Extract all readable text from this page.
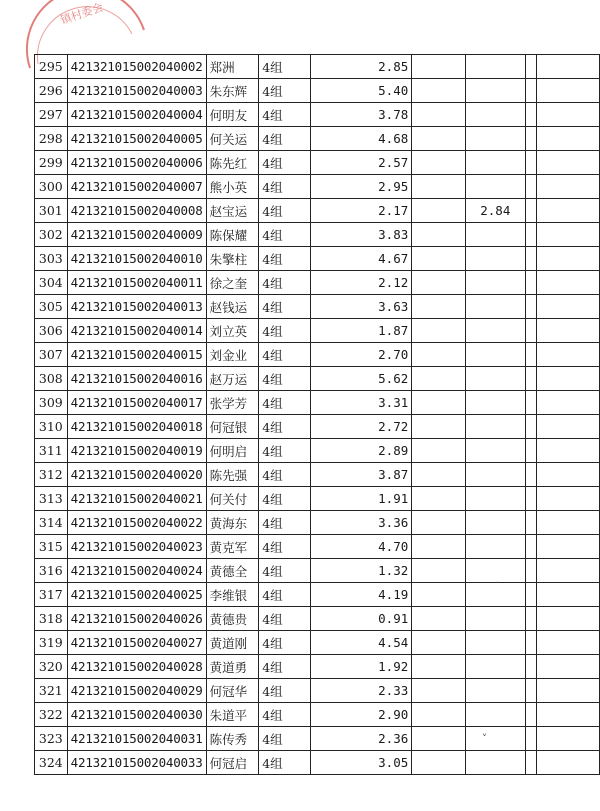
镇村委会
295	421321015002040002	郑洲	4组	2.85				
296	421321015002040003	朱东辉	4组	5.40				
297	421321015002040004	何明友	4组	3.78				
298	421321015002040005	何关运	4组	4.68				
299	421321015002040006	陈先红	4组	2.57				
300	421321015002040007	熊小英	4组	2.95				
301	421321015002040008	赵宝运	4组	2.17		2.84		
302	421321015002040009	陈保耀	4组	3.83				
303	421321015002040010	朱擎柱	4组	4.67				
304	421321015002040011	徐之奎	4组	2.12				
305	421321015002040013	赵钱运	4组	3.63				
306	421321015002040014	刘立英	4组	1.87				
307	421321015002040015	刘金业	4组	2.70				
308	421321015002040016	赵万运	4组	5.62				
309	421321015002040017	张学芳	4组	3.31				
310	421321015002040018	何冠银	4组	2.72				
311	421321015002040019	何明启	4组	2.89				
312	421321015002040020	陈先强	4组	3.87				
313	421321015002040021	何关付	4组	1.91				
314	421321015002040022	黄海东	4组	3.36				
315	421321015002040023	黄克军	4组	4.70				
316	421321015002040024	黄德全	4组	1.32				
317	421321015002040025	李维银	4组	4.19				
318	421321015002040026	黄德贵	4组	0.91				
319	421321015002040027	黄道刚	4组	4.54				
320	421321015002040028	黄道勇	4组	1.92				
321	421321015002040029	何冠华	4组	2.33				
322	421321015002040030	朱道平	4组	2.90				
323	421321015002040031	陈传秀	4组	2.36				
324	421321015002040033	何冠启	4组	3.05				
·
˅
